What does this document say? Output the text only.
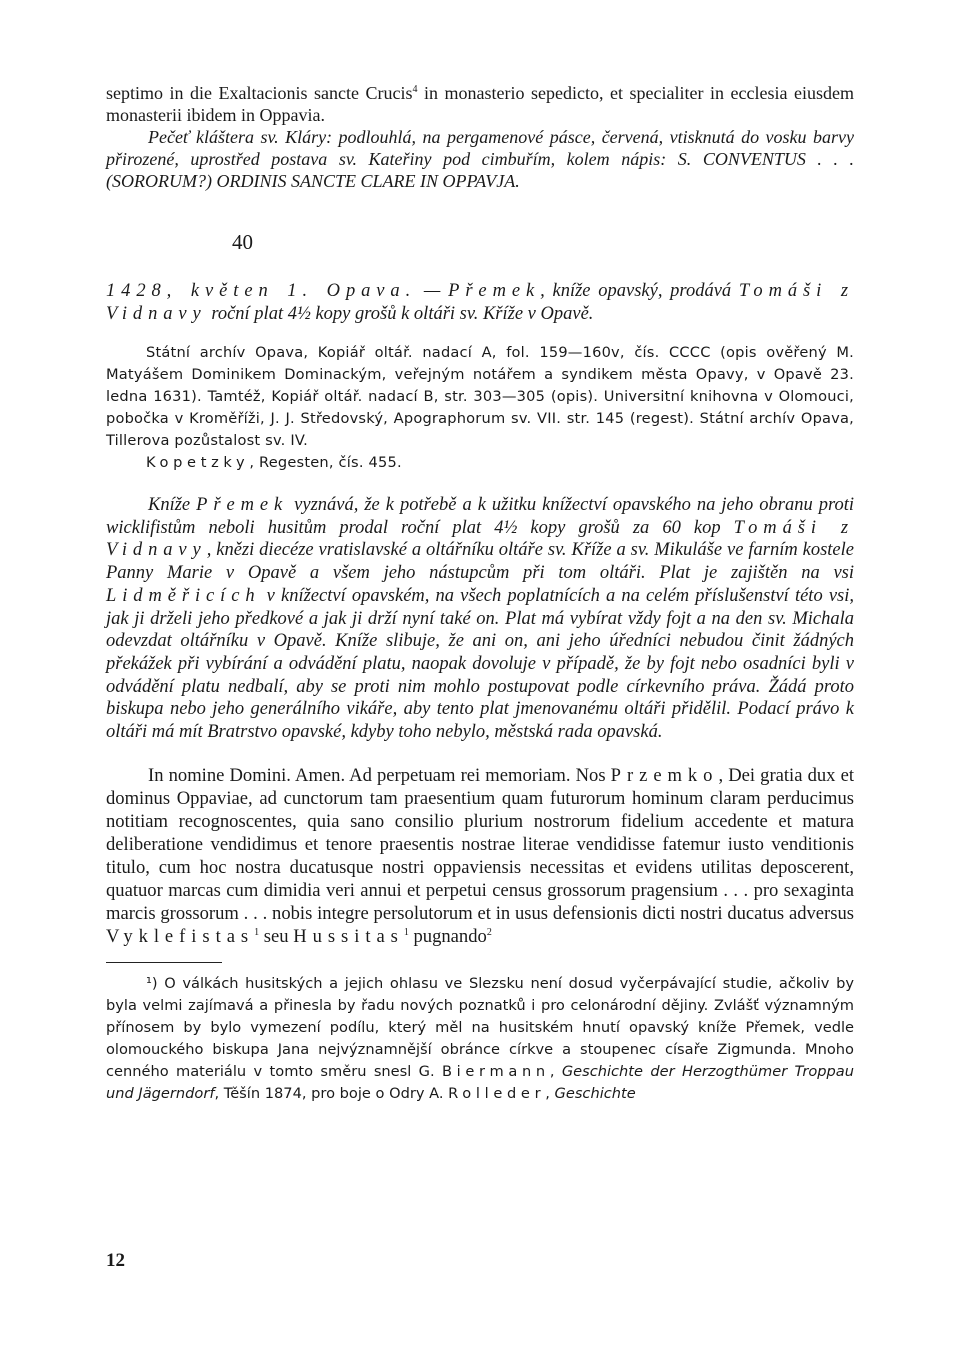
septimo in die Exaltacionis sancte Crucis$^4$ in monasterio sepedicto, et specialiter in ecclesia eiusdem monasterii ibidem in Oppavia.

Pečeť kláštera sv. Kláry: podlouhlá, na pergamenové pásce, červená, vtisknutá do vosku barvy přirozené, uprostřed postava sv. Kateřiny pod cimbuřím, kolem nápis: S. CONVENTUS . . . (SORORUM?) ORDINIS SANCTE CLARE IN OPPAVJA.

40

1428, květen 1. Opava. — Přemek, kníže opavský, prodává Tomáši z Vidnavy roční plat 4½ kopy grošů k oltáři sv. Kříže v Opavě.

Státní archív Opava, Kopiář oltář. nadací A, fol. 159—160v, čís. CCCC (opis ověřený M. Matyášem Dominikem Dominackým, veřejným notářem a syndikem města Opavy, v Opavě 23. ledna 1631). Tamtéž, Kopiář oltář. nadací B, str. 303—305 (opis). Universitní knihovna v Olomouci, pobočka v Kroměříži, J. J. Středovský, Apographorum sv. VII. str. 145 (regest). Státní archív Opava, Tillerova pozůstalost sv. IV.
Kopetzky, Regesten, čís. 455.

Kníže Přemek vyznává, že k potřebě a k užitku knížectví opavského na jeho obranu proti wicklifistům neboli husitům prodal roční plat 4½ kopy grošů za 60 kop Tomáši z Vidnavy, knězi diecéze vratislavské a oltářníku oltáře sv. Kříže a sv. Mikuláše ve farním kostele Panny Marie v Opavě a všem jeho nástupcům při tom oltáři. Plat je zajištěn na vsi Lidměřicích v knížectví opavském, na všech poplatnících a na celém příslušenství této vsi, jak ji drželi jeho předkové a jak ji drží nyní také on. Plat má vybírat vždy fojt a na den sv. Michala odevzdat oltářníku v Opavě. Kníže slibuje, že ani on, ani jeho úředníci nebudou činit žádných překážek při vybírání a odvádění platu, naopak dovoluje v případě, že by fojt nebo osadníci byli v odvádění platu nedbalí, aby se proti nim mohlo postupovat podle církevního práva. Žádá proto biskupa nebo jeho generálního vikáře, aby tento plat jmenovanému oltáři přidělil. Podací právo k oltáři má mít Bratrstvo opavské, kdyby toho nebylo, městská rada opavská.

In nomine Domini. Amen. Ad perpetuam rei memoriam. Nos Przemko, Dei gratia dux et dominus Oppaviae, ad cunctorum tam praesentium quam futurorum hominum claram perducimus notitiam recognoscentes, quia sano consilio plurium nostrorum fidelium accedente et matura deliberatione vendidimus et tenore praesentis nostrae literae vendidisse fatemur iusto venditionis titulo, cum hoc nostra ducatusque nostri oppaviensis necessitas et evidens utilitas deposcerent, quatuor marcas cum dimidia veri annui et perpetui census grossorum pragensium . . . pro sexaginta marcis grossorum . . . nobis integre persolutorum et in usus defensionis dicti nostri ducatus adversus Vyklefistas$^1$ seu Hussitas$^1$ pugnando$^2$

¹) O válkách husitských a jejich ohlasu ve Slezsku není dosud vyčerpávající studie, ačkoliv by byla velmi zajímavá a přinesla by řadu nových poznatků i pro celonárodní dějiny. Zvlášť významným přínosem by bylo vymezení podílu, který měl na husitském hnutí opavský kníže Přemek, vedle olomouckého biskupa Jana nejvýznamnější obránce církve a stoupenec císaře Zigmunda. Mnoho cenného materiálu v tomto směru snesl G. Biermann, Geschichte der Herzogthümer Troppau und Jägerndorf, Těšín 1874, pro boje o Odry A. Rolleder, Geschichte

12
